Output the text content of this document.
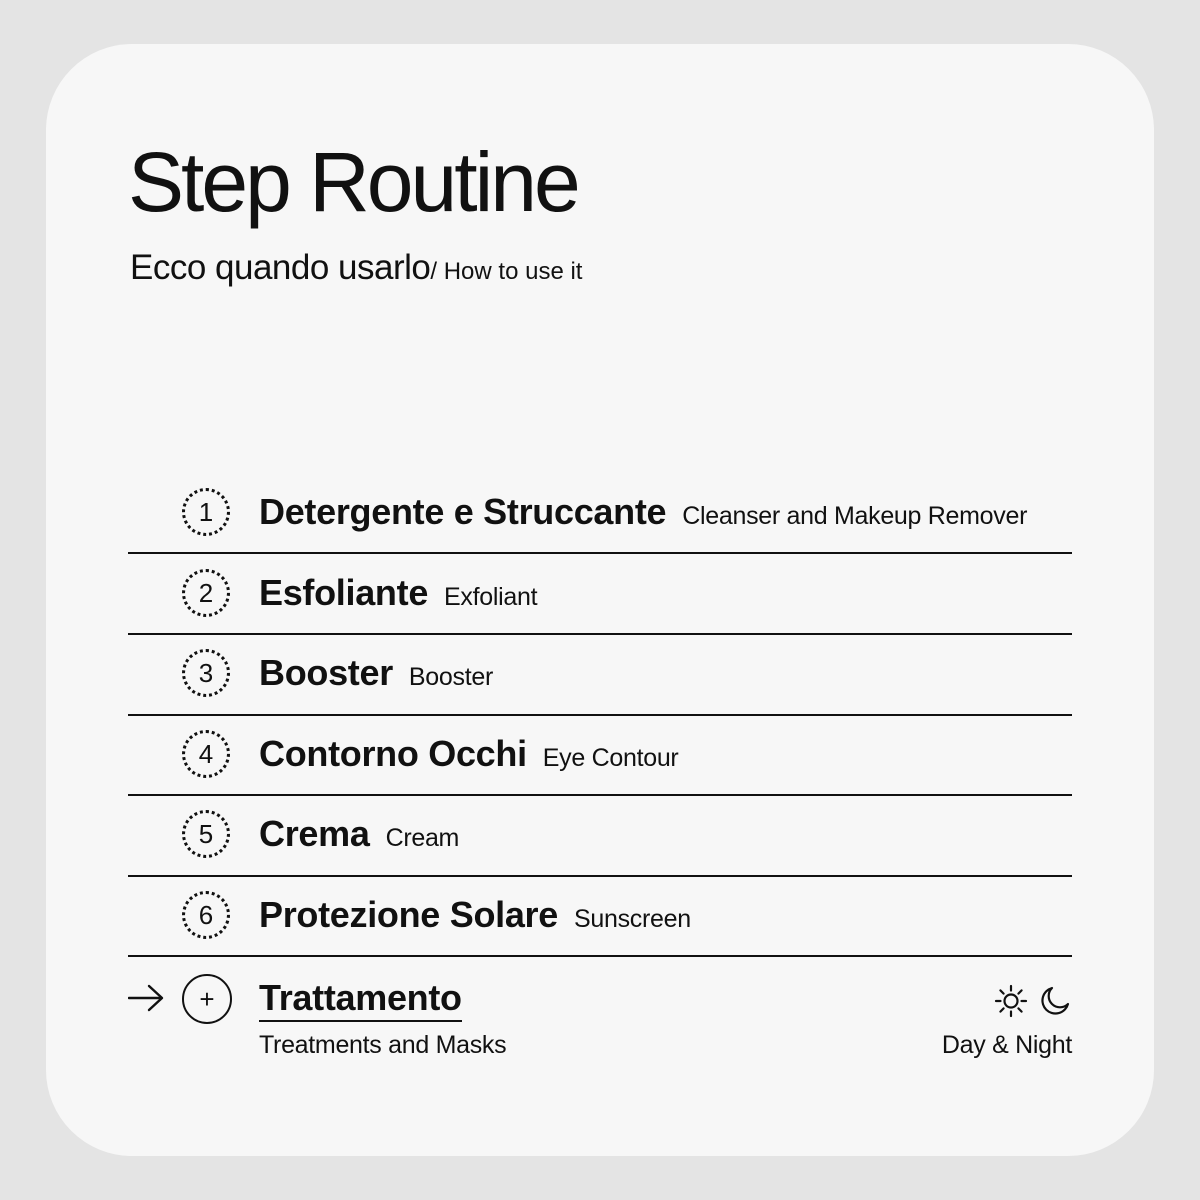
Step Routine
Ecco quando usarlo/ How to use it
1	Detergente e Struccante Cleanser and Makeup Remover
2	Esfoliante Exfoliant
3	Booster Booster
4	Contorno Occhi Eye Contour
5	Crema Cream
6	Protezione Solare Sunscreen
+	Trattamento
Treatments and Masks	Day & Night
